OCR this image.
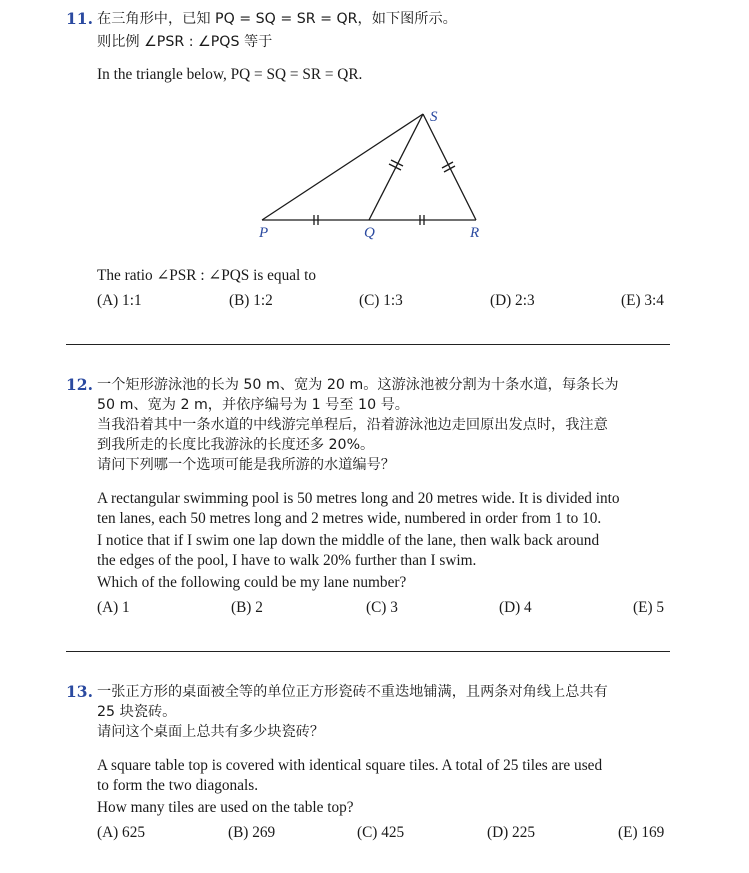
11. 在三角形中，已知 PQ = SQ = SR = QR，如下图所示。

则比例 ∠PSR : ∠PQS 等于

In the triangle below, PQ = SQ = SR = QR.

S
P	Q	R

The ratio ∠PSR : ∠PQS is equal to

(A) 1:1	(B) 1:2	(C) 1:3	(D) 2:3	(E) 3:4
12. 一个矩形游泳池的长为 50 m、宽为 20 m。这游泳池被分割为十条水道，每条长为

50 m、宽为 2 m，并依序编号为 1 号至 10 号。

当我沿着其中一条水道的中线游完单程后，沿着游泳池边走回原出发点时，我注意

到我所走的长度比我游泳的长度还多 20%。

请问下列哪一个选项可能是我所游的水道编号？

A rectangular swimming pool is 50 metres long and 20 metres wide. It is divided into

ten lanes, each 50 metres long and 2 metres wide, numbered in order from 1 to 10.

I notice that if I swim one lap down the middle of the lane, then walk back around

the edges of the pool, I have to walk 20% further than I swim.

Which of the following could be my lane number?

(A) 1	(B) 2	(C) 3	(D) 4	(E) 5
13. 一张正方形的桌面被全等的单位正方形瓷砖不重迭地铺满，且两条对角线上总共有

25 块瓷砖。

请问这个桌面上总共有多少块瓷砖？

A square table top is covered with identical square tiles. A total of 25 tiles are used

to form the two diagonals.

How many tiles are used on the table top?

(A) 625	(B) 269	(C) 425	(D) 225	(E) 169
